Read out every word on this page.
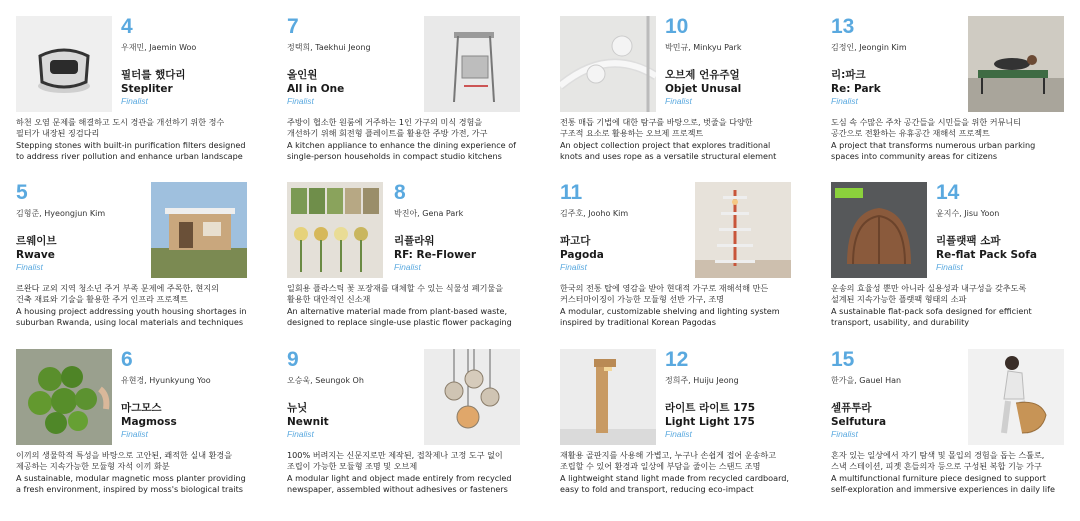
4
우재민, Jaemin Woo
필터를 했다리
Stepliter
Finalist
하천 오염 문제를 해결하고 도시 경관을 개선하기 위한 정수
필터가 내장된 징검다리
Stepping stones with built-in purification filters designed
to address river pollution and enhance urban landscape
7
정택희, Taekhui Jeong
올인원
All in One
Finalist
주방이 협소한 원룸에 거주하는 1인 가구의 미식 경험을
개선하기 위해 회전형 플레이트를 활용한 주방 가전, 가구
A kitchen appliance to enhance the dining experience of
single-person households in compact studio kitchens
10
박민규, Minkyu Park
오브제 언유주얼
Objet Unusal
Finalist
전통 매듭 기법에 대한 탐구를 바탕으로, 벗줄을 다양한
구조적 요소로 활용하는 오브제 프로젝트
An object collection project that explores traditional
knots and uses rope as a versatile structural element
13
김정인, Jeongin Kim
리:파크
Re: Park
Finalist
도심 속 수많은 주차 공간들을 시민들을 위한 커뮤니티
공간으로 전환하는 유휴공간 재해석 프로젝트
A project that transforms numerous urban parking
spaces into community areas for citizens
5
김형준, Hyeongjun Kim
르웨이브
Rwave
Finalist
르완다 교외 지역 청소년 주거 부족 문제에 주목한, 현지의
건축 재료와 기술을 활용한 주거 인프라 프로젝트
A housing project addressing youth housing shortages in
suburban Rwanda, using local materials and techniques
8
박진아, Gena Park
리플라워
RF: Re-Flower
Finalist
일회용 플라스틱 꽃 포장재를 대체할 수 있는 식물성 폐기물을
활용한 대안적인 신소재
An alternative material made from plant-based waste,
designed to replace single-use plastic flower packaging
11
김주호, Jooho Kim
파고다
Pagoda
Finalist
한국의 전통 탑에 영감을 받아 현대적 가구로 재해석해 만든
커스터마이징이 가능한 모듈형 선반 가구, 조명
A modular, customizable shelving and lighting system
inspired by traditional Korean Pagodas
14
윤지수, Jisu Yoon
리플랫팩 소파
Re-flat Pack Sofa
Finalist
운송의 효율성 뿐만 아니라 실용성과 내구성을 갖추도록
설계된 지속가능한 플랫팩 형태의 소파
A sustainable flat-pack sofa designed for efficient
transport, usability, and durability
6
유현경, Hyunkyung Yoo
마그모스
Magmoss
Finalist
이끼의 생물학적 특성을 바탕으로 고안된, 쾌적한 실내 환경을
제공하는 지속가능한 모듈형 자석 이끼 화분
A sustainable, modular magnetic moss planter providing
a fresh environment, inspired by moss's biological traits
9
오승욱, Seungok Oh
뉴닛
Newnit
Finalist
100% 버려지는 신문지로만 제작된, 접착제나 고정 도구 없이
조립이 가능한 모듈형 조명 및 오브제
A modular light and object made entirely from recycled
newspaper, assembled without adhesives or fasteners
12
정희주, Huiju Jeong
라이트 라이트 175
Light Light 175
Finalist
재활용 골판지를 사용해 가볍고, 누구나 손쉽게 접어 운송하고
조립할 수 있어 환경과 일상에 부담을 줄이는 스탠드 조명
A lightweight stand light made from recycled cardboard,
easy to fold and transport, reducing eco-impact
15
한가을, Gauel Han
셀퓨투라
Selfutura
Finalist
혼자 있는 일상에서 자기 탐색 및 몰입의 경험을 돕는 스툴로,
스낵 스테이션, 피젯 흔들의자 등으로 구성된 복합 기능 가구
A multifunctional furniture piece designed to support
self-exploration and immersive experiences in daily life
